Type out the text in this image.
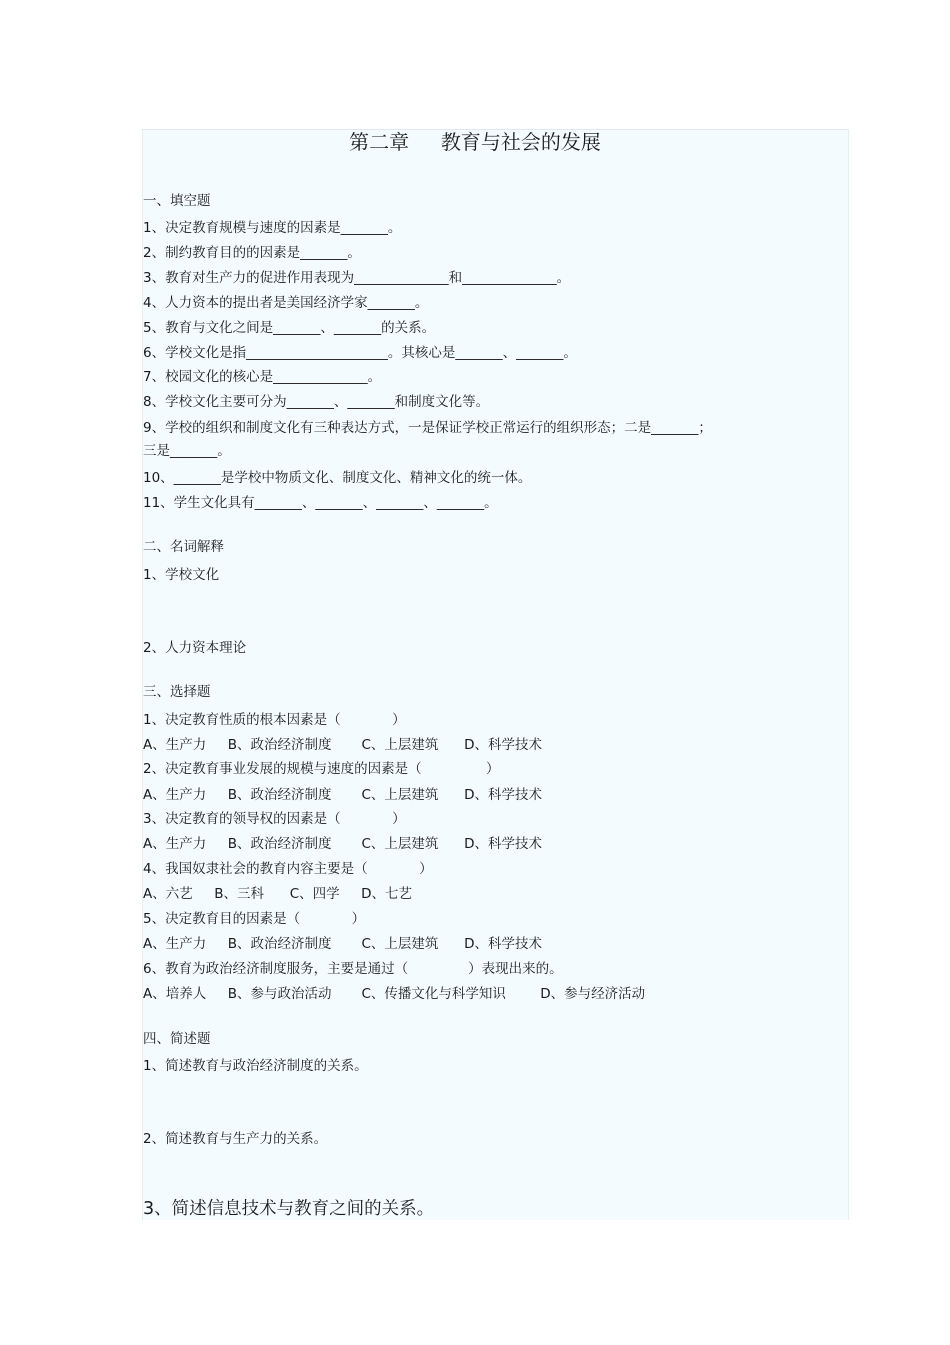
第二章     教育与社会的发展
一、填空题
1、决定教育规模与速度的因素是_______。
2、制约教育目的的因素是_______。
3、教育对生产力的促进作用表现为______________和______________。
4、人力资本的提出者是美国经济学家_______。
5、教育与文化之间是_______、_______的关系。
6、学校文化是指_____________________。其核心是_______、_______。
7、校园文化的核心是______________。
8、学校文化主要可分为_______、_______和制度文化等。
9、学校的组织和制度文化有三种表达方式，一是保证学校正常运行的组织形态；二是_______；
三是_______。
10、_______是学校中物质文化、制度文化、精神文化的统一体。
11、学生文化具有_______、_______、_______、_______。
二、名词解释
1、学校文化
2、人力资本理论
三、选择题
1、决定教育性质的根本因素是（            ）
A、生产力     B、政治经济制度       C、上层建筑      D、科学技术
2、决定教育事业发展的规模与速度的因素是（               ）
A、生产力     B、政治经济制度       C、上层建筑      D、科学技术
3、决定教育的领导权的因素是（            ）
A、生产力     B、政治经济制度       C、上层建筑      D、科学技术
4、我国奴隶社会的教育内容主要是（            ）
A、六艺     B、三科      C、四学     D、七艺
5、决定教育目的因素是（            ）
A、生产力     B、政治经济制度       C、上层建筑      D、科学技术
6、教育为政治经济制度服务，主要是通过（              ）表现出来的。
A、培养人     B、参与政治活动       C、传播文化与科学知识        D、参与经济活动
四、简述题
1、简述教育与政治经济制度的关系。
2、简述教育与生产力的关系。
3、简述信息技术与教育之间的关系。
